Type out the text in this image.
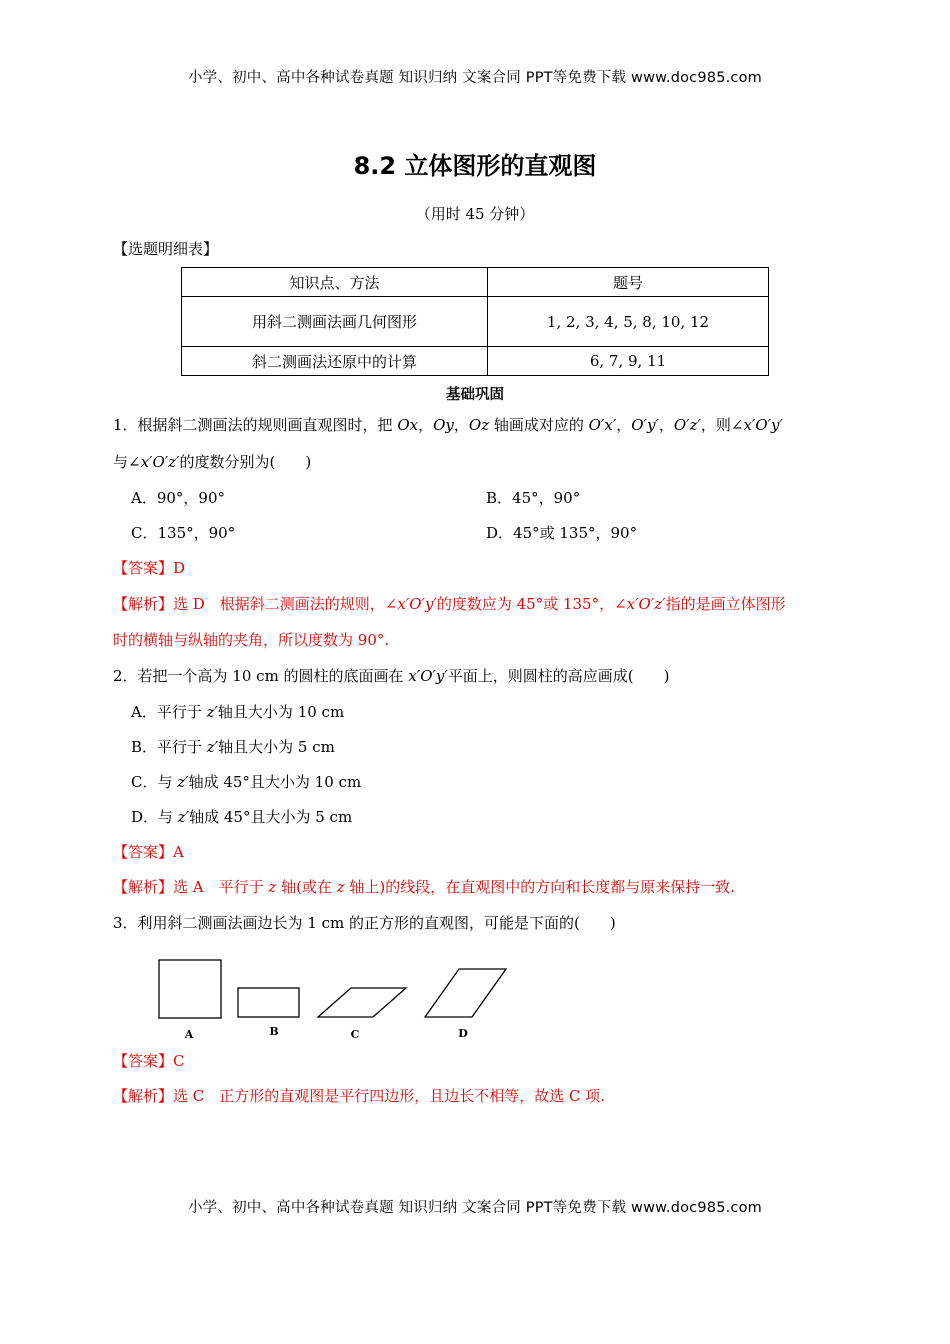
小学、初中、高中各种试卷真题 知识归纳 文案合同 PPT等免费下载 www.doc985.com
8.2 立体图形的直观图
（用时 45 分钟）
【选题明细表】
知识点、方法	题号
用斜二测画法画几何图形	1, 2, 3, 4, 5, 8, 10, 12
斜二测画法还原中的计算	6, 7, 9, 11
基础巩固
1．根据斜二测画法的规则画直观图时，把 Ox，Oy，Oz 轴画成对应的 O′x′，O′y′，O′z′，则∠x′O′y′
与∠x′O′z′的度数分别为(　　)
A．90°，90°	B．45°，90°
C．135°，90°	D．45°或 135°，90°
【答案】D
【解析】选 D　根据斜二测画法的规则，∠x′O′y′的度数应为 45°或 135°，∠x′O′z′指的是画立体图形
时的横轴与纵轴的夹角，所以度数为 90°.
2．若把一个高为 10 cm 的圆柱的底面画在 x′O′y′平面上，则圆柱的高应画成(　　)
A．平行于 z′轴且大小为 10 cm
B．平行于 z′轴且大小为 5 cm
C．与 z′轴成 45°且大小为 10 cm
D．与 z′轴成 45°且大小为 5 cm
【答案】A
【解析】选 A　平行于 z 轴(或在 z 轴上)的线段，在直观图中的方向和长度都与原来保持一致.
3．利用斜二测画法画边长为 1 cm 的正方形的直观图，可能是下面的(　　)
A	B	C	D
【答案】C
【解析】选 C　正方形的直观图是平行四边形，且边长不相等，故选 C 项.
小学、初中、高中各种试卷真题 知识归纳 文案合同 PPT等免费下载 www.doc985.com
